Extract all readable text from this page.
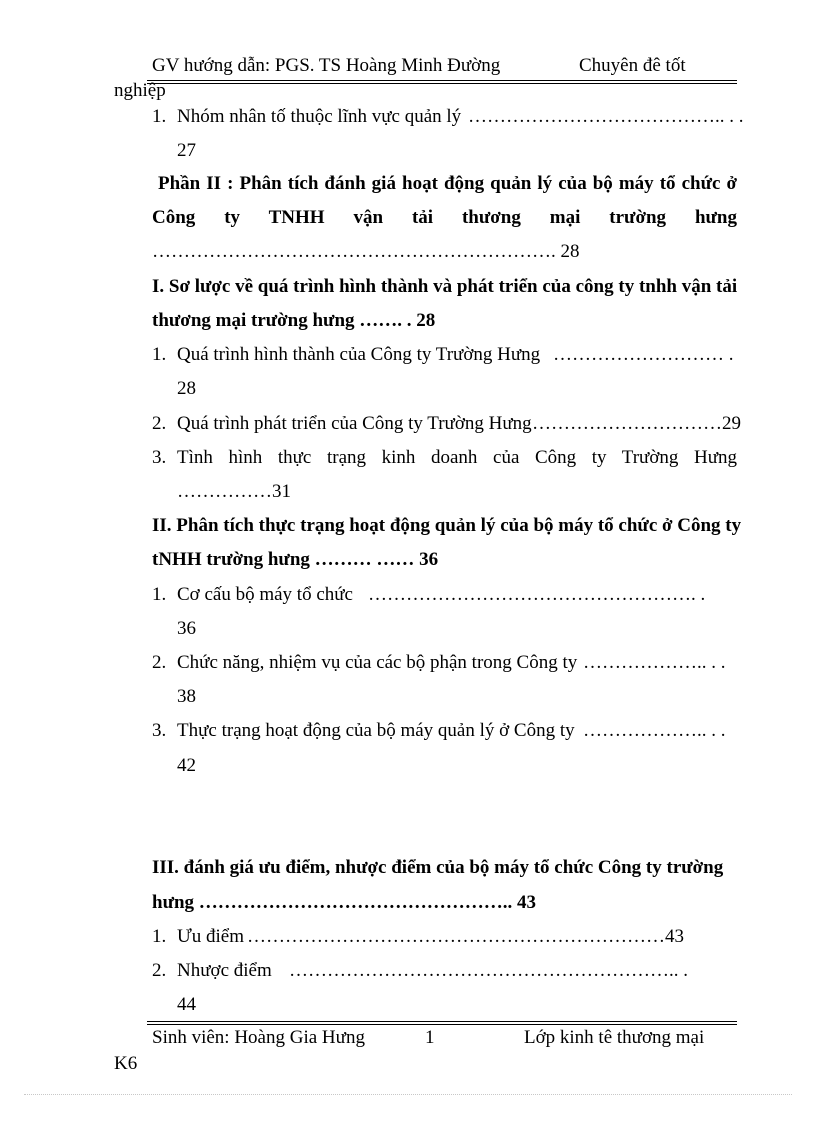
GV hướng dẫn: PGS. TS Hoàng Minh Đường	Chuyên đê tốt
nghiệp
1. Nhóm nhân tố thuộc lĩnh vực quản lý ………………………………….. . .
27
Phần II : Phân tích đánh giá hoạt động quản lý của bộ máy tổ chức ở
Công ty TNHH vận tải thương mại trường hưng
………………………………………………………. 28
I. Sơ lược về quá trình hình thành và phát triển của công ty tnhh vận tải
thương mại trường hưng ……. . 28
1. Quá trình hình thành của Công ty Trường Hưng ……………………… .
28
2. Quá trình phát triển của Công ty Trường Hưng …………………………29
3. Tình hình thực trạng kinh doanh của Công ty Trường Hưng
……………31
II. Phân tích thực trạng hoạt động quản lý của bộ máy tổ chức ở Công ty
tNHH trường hưng ……… …… 36
1. Cơ cấu bộ máy tổ chức ……………………………………………. .
36
2. Chức năng, nhiệm vụ của các bộ phận trong Công ty ……………….. . .
38
3. Thực trạng hoạt động của bộ máy quản lý ở Công ty ……………….. . .
42
III. đánh giá ưu điểm, nhược điểm của bộ máy tổ chức Công ty trường
hưng ………………………………………….. 43
1. Ưu điểm …………………………………………………………43
2. Nhược điểm …………………………………………………….. .
44
Sinh viên: Hoàng Gia Hưng	1	Lớp kinh tê thương mại
K6
